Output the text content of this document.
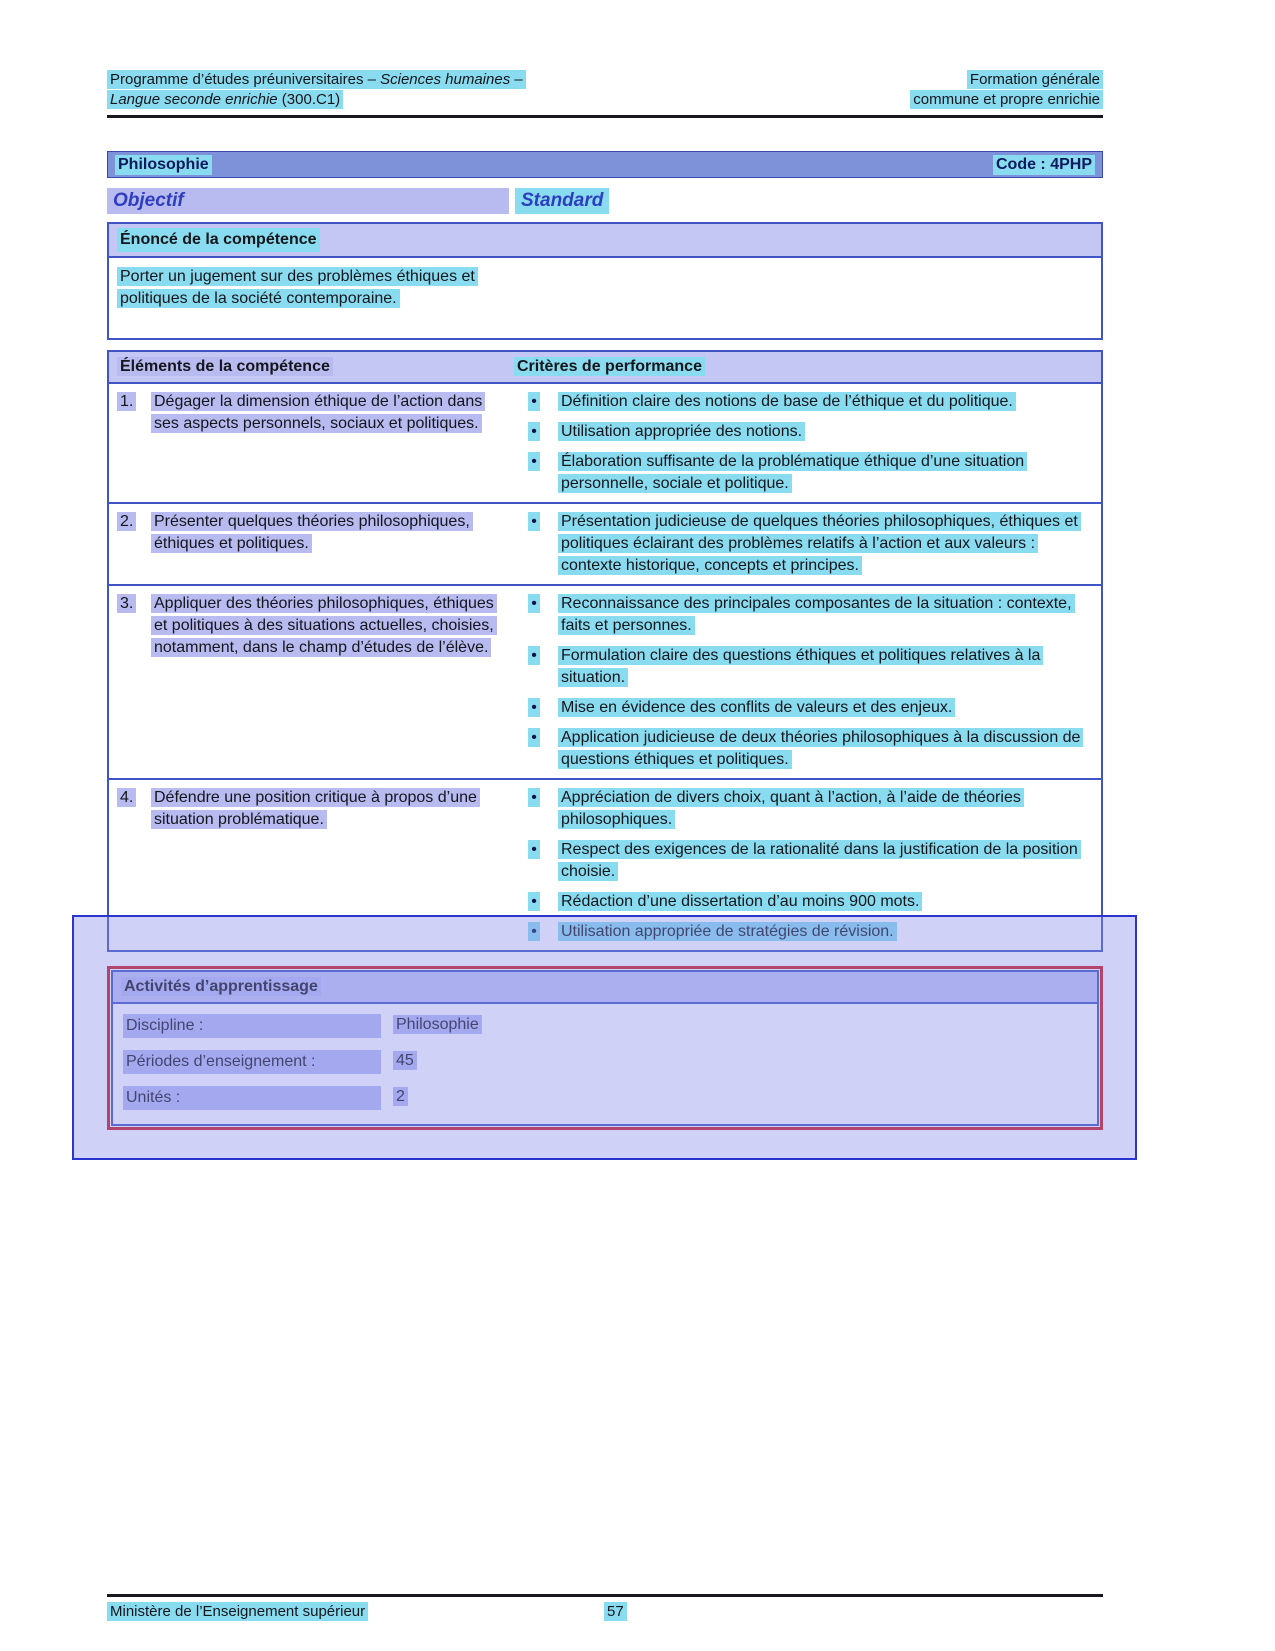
Programme d’études préuniversitaires – Sciences humaines –
Langue seconde enrichie (300.C1)
Formation générale
commune et propre enrichie
Philosophie	Code : 4PHP
Objectif	Standard
Énoncé de la compétence
Porter un jugement sur des problèmes éthiques et politiques de la société contemporaine.
Éléments de la compétence	Critères de performance
1.	Dégager la dimension éthique de l’action dans ses aspects personnels, sociaux et politiques.
•	Définition claire des notions de base de l’éthique et du politique.
•	Utilisation appropriée des notions.
•	Élaboration suffisante de la problématique éthique d’une situation personnelle, sociale et politique.
2.	Présenter quelques théories philosophiques, éthiques et politiques.
•	Présentation judicieuse de quelques théories philosophiques, éthiques et politiques éclairant des problèmes relatifs à l’action et aux valeurs : contexte historique, concepts et principes.
3.	Appliquer des théories philosophiques, éthiques et politiques à des situations actuelles, choisies, notamment, dans le champ d’études de l’élève.
•	Reconnaissance des principales composantes de la situation : contexte, faits et personnes.
•	Formulation claire des questions éthiques et politiques relatives à la situation.
•	Mise en évidence des conflits de valeurs et des enjeux.
•	Application judicieuse de deux théories philosophiques à la discussion de questions éthiques et politiques.
4.	Défendre une position critique à propos d’une situation problématique.
•	Appréciation de divers choix, quant à l’action, à l’aide de théories philosophiques.
•	Respect des exigences de la rationalité dans la justification de la position choisie.
•	Rédaction d’une dissertation d’au moins 900 mots.
•	Utilisation appropriée de stratégies de révision.
Activités d’apprentissage
Discipline :	Philosophie
Périodes d’enseignement :	45
Unités :	2
Ministère de l’Enseignement supérieur	57
